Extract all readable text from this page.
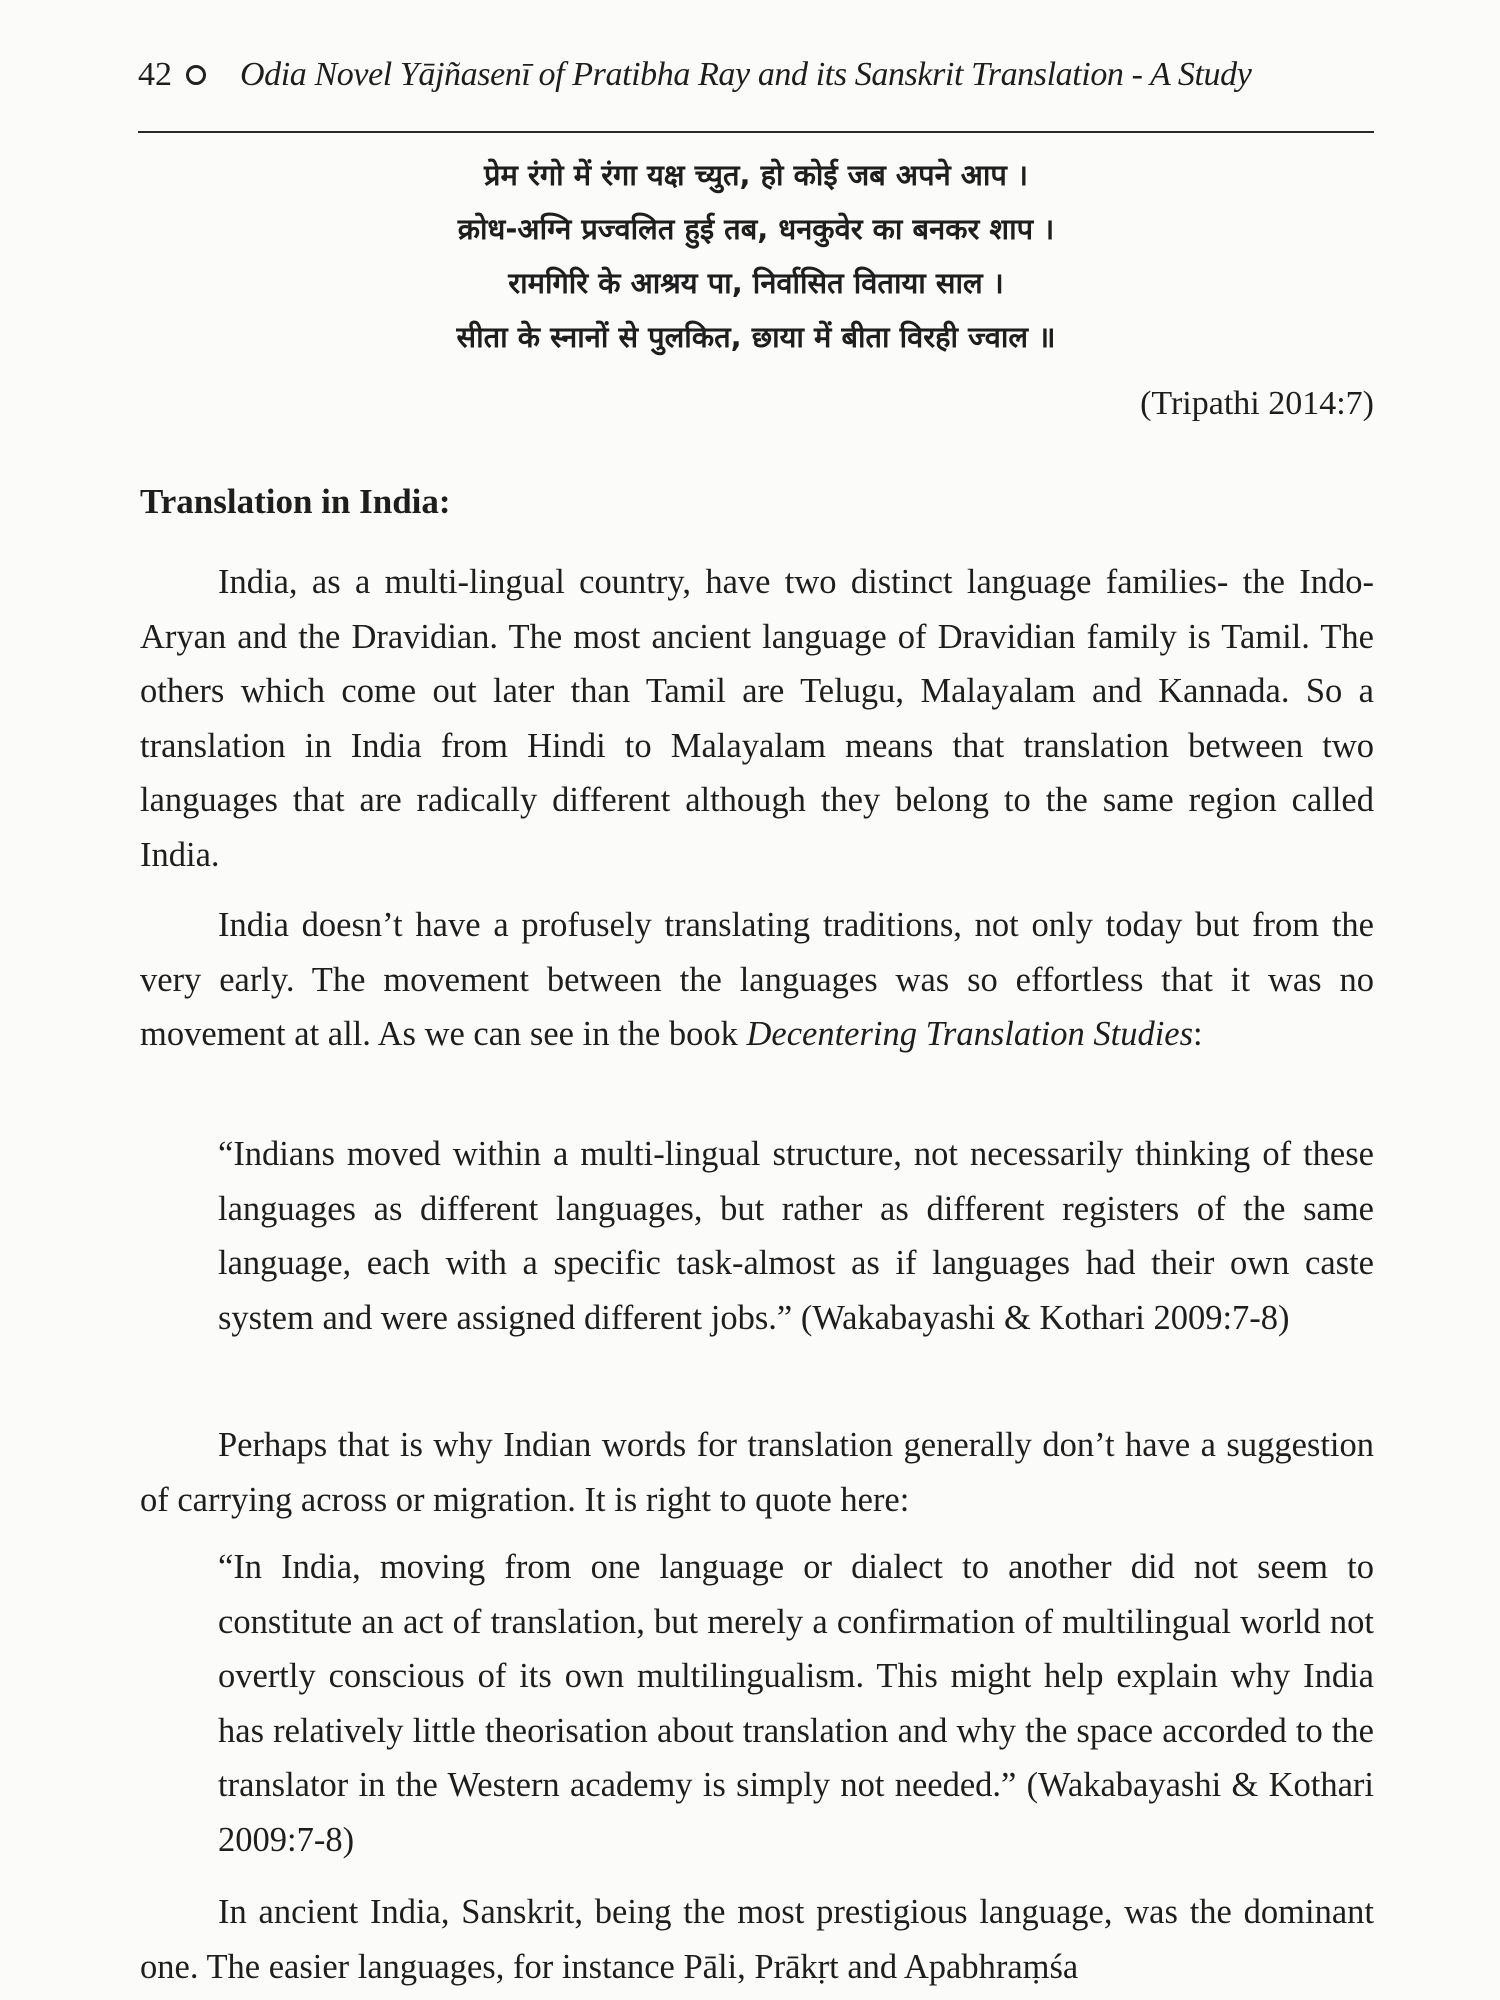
42 Odia Novel Yājñasenī of Pratibha Ray and its Sanskrit Translation - A Study
प्रेम रंगो में रंगा यक्ष च्युत, हो कोई जब अपने आप ।
क्रोध-अग्नि प्रज्वलित हुई तब, धनकुवेर का बनकर शाप ।
रामगिरि के आश्रय पा, निर्वासित विताया साल ।
सीता के स्नानों से पुलकित, छाया में बीता विरही ज्वाल ॥
(Tripathi 2014:7)
Translation in India:

India, as a multi-lingual country, have two distinct language families- the Indo-Aryan and the Dravidian. The most ancient language of Dravidian family is Tamil. The others which come out later than Tamil are Telugu, Malayalam and Kannada. So a translation in India from Hindi to Malayalam means that translation between two languages that are radically different although they belong to the same region called India.

India doesn’t have a profusely translating traditions, not only today but from the very early. The movement between the languages was so effortless that it was no movement at all. As we can see in the book Decentering Translation Studies:

“Indians moved within a multi-lingual structure, not necessarily thinking of these languages as different languages, but rather as different registers of the same language, each with a specific task-almost as if languages had their own caste system and were assigned different jobs.” (Wakabayashi & Kothari 2009:7-8)

Perhaps that is why Indian words for translation generally don’t have a suggestion of carrying across or migration. It is right to quote here:

“In India, moving from one language or dialect to another did not seem to constitute an act of translation, but merely a confirmation of multilingual world not overtly conscious of its own multilingualism. This might help explain why India has relatively little theorisation about translation and why the space accorded to the translator in the Western academy is simply not needed.” (Wakabayashi & Kothari 2009:7-8)

In ancient India, Sanskrit, being the most prestigious language, was the dominant one. The easier languages, for instance Pāli, Prākṛt and Apabhraṃśa
